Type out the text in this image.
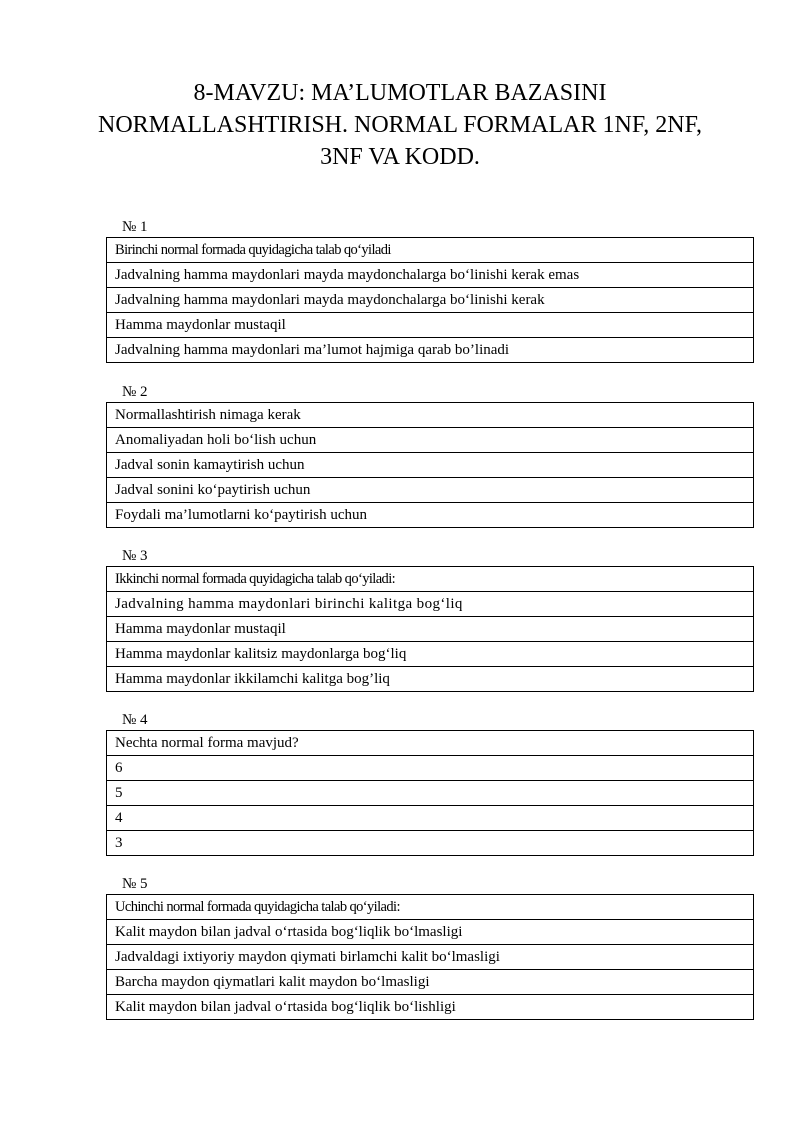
8-MAVZU: MA’LUMOTLAR BAZASINI
NORMALLASHTIRISH. NORMAL FORMALAR 1NF, 2NF,
3NF VA KODD.
№ 1
Birinchi normal formada quyidagicha talab qo‘yiladi
Jadvalning hamma maydonlari mayda maydonchalarga bo‘linishi kerak emas
Jadvalning hamma maydonlari mayda maydonchalarga bo‘linishi kerak
Hamma maydonlar mustaqil
Jadvalning hamma maydonlari ma’lumot hajmiga qarab bo’linadi
№ 2
Normallashtirish nimaga kerak
Anomaliyadan holi bo‘lish uchun
Jadval sonin kamaytirish uchun
Jadval sonini ko‘paytirish uchun
Foydali ma’lumotlarni ko‘paytirish uchun
№ 3
Ikkinchi normal formada quyidagicha talab qo‘yiladi:
Jadvalning hamma maydonlari birinchi kalitga bog‘liq
Hamma maydonlar mustaqil
Hamma maydonlar kalitsiz maydonlarga bog‘liq
Hamma maydonlar ikkilamchi kalitga bog’liq
№ 4
Nechta normal forma mavjud?
6
5
4
3
№ 5
Uchinchi normal formada quyidagicha talab qo‘yiladi:
Kalit maydon bilan jadval o‘rtasida bog‘liqlik bo‘lmasligi
Jadvaldagi ixtiyoriy maydon qiymati birlamchi kalit bo‘lmasligi
Barcha maydon qiymatlari kalit maydon bo‘lmasligi
Kalit maydon bilan jadval o‘rtasida bog‘liqlik bo‘lishligi
